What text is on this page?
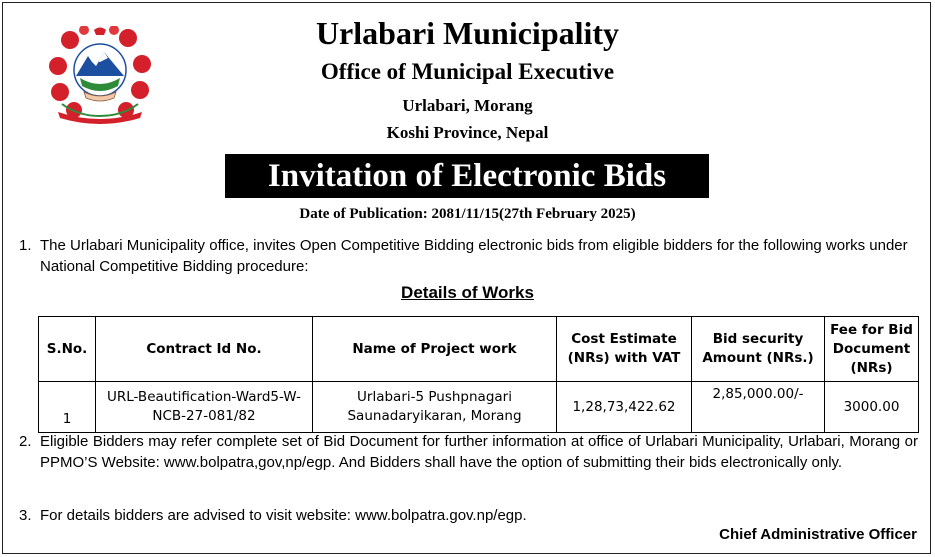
Urlabari Municipality
Office of Municipal Executive
Urlabari, Morang
Koshi Province, Nepal
Invitation of Electronic Bids
Date of Publication: 2081/11/15(27th February 2025)
1. The Urlabari Municipality office, invites Open Competitive Bidding electronic bids from eligible bidders for the following works under National Competitive Bidding procedure:
Details of Works
S.No.	Contract Id No.	Name of Project work	Cost Estimate (NRs) with VAT	Bid security Amount (NRs.)	Fee for Bid Document (NRs)
1	URL-Beautification-Ward5-W-NCB-27-081/82	Urlabari-5 Pushpnagari Saunadaryikaran, Morang	1,28,73,422.62	2,85,000.00/-	3000.00
2. Eligible Bidders may refer complete set of Bid Document for further information at office of Urlabari Municipality, Urlabari, Morang or PPMO’S Website: www.bolpatra,gov,np/egp. And Bidders shall have the option of submitting their bids electronically only.
3. For details bidders are advised to visit website: www.bolpatra.gov.np/egp.
Chief Administrative Officer
